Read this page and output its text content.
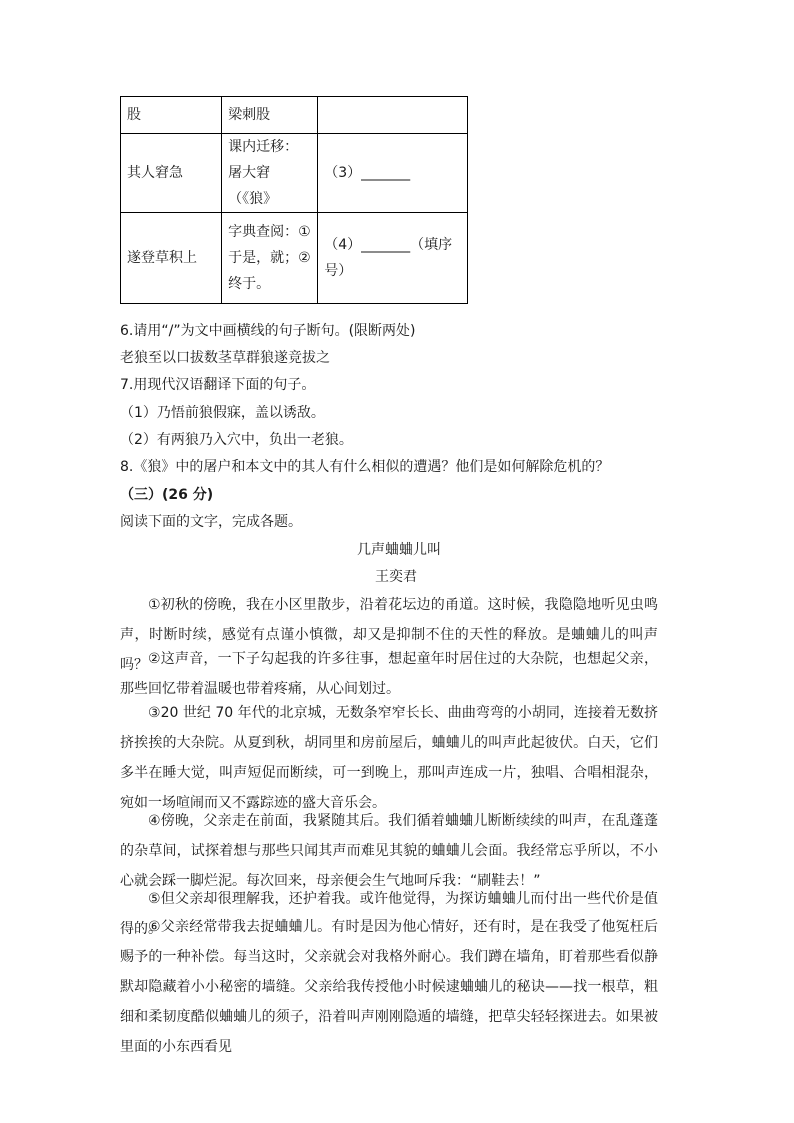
股	梁刺股	
其人窘急	课内迁移：屠大窘（《狼》	（3）_______
遂登草积上	字典查阅：①于是，就；②终于。	（4）_______（填序号）
6.请用“/”为文中画横线的句子断句。(限断两处)
老狼至以口拔数茎草群狼遂竞拔之
7.用现代汉语翻译下面的句子。
（1）乃悟前狼假寐，盖以诱敌。
（2）有两狼乃入穴中，负出一老狼。
8.《狼》中的屠户和本文中的其人有什么相似的遭遇？他们是如何解除危机的？
（三）(26 分)
阅读下面的文字，完成各题。
几声蛐蛐儿叫
王奕君
①初秋的傍晚，我在小区里散步，沿着花坛边的甬道。这时候，我隐隐地听见虫鸣声，时断时续，感觉有点谨小慎微，却又是抑制不住的天性的释放。是蛐蛐儿的叫声吗？ ②这声音，一下子勾起我的许多往事，想起童年时居住过的大杂院，也想起父亲，那些回忆带着温暖也带着疼痛，从心间划过。
③20 世纪 70 年代的北京城，无数条窄窄长长、曲曲弯弯的小胡同，连接着无数挤挤挨挨的大杂院。从夏到秋，胡同里和房前屋后，蛐蛐儿的叫声此起彼伏。白天，它们多半在睡大觉，叫声短促而断续，可一到晚上，那叫声连成一片，独唱、合唱相混杂，宛如一场喧闹而又不露踪迹的盛大音乐会。
④傍晚，父亲走在前面，我紧随其后。我们循着蛐蛐儿断断续续的叫声，在乱蓬蓬的杂草间，试探着想与那些只闻其声而难见其貌的蛐蛐儿会面。我经常忘乎所以，不小心就会踩一脚烂泥。每次回来，母亲便会生气地呵斥我：“刷鞋去！”
⑤但父亲却很理解我，还护着我。或许他觉得，为探访蛐蛐儿而付出一些代价是值得的。
⑥父亲经常带我去捉蛐蛐儿。有时是因为他心情好，还有时，是在我受了他冤枉后赐予的一种补偿。每当这时，父亲就会对我格外耐心。我们蹲在墙角，盯着那些看似静默却隐藏着小小秘密的墙缝。父亲给我传授他小时候逮蛐蛐儿的秘诀——找一根草，粗细和柔韧度酷似蛐蛐儿的须子，沿着叫声刚刚隐遁的墙缝，把草尖轻轻探进去。如果被里面的小东西看见
